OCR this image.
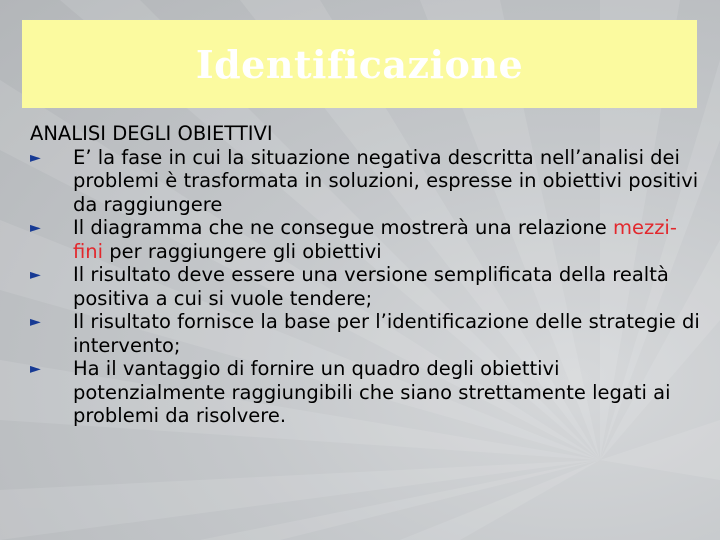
Identificazione

ANALISI DEGLI OBIETTIVI

► E’ la fase in cui la situazione negativa descritta nell’analisi dei problemi è trasformata in soluzioni, espresse in obiettivi positivi da raggiungere
► Il diagramma che ne consegue mostrerà una relazione mezzi-fini per raggiungere gli obiettivi
► Il risultato deve essere una versione semplificata della realtà positiva a cui si vuole tendere;
► Il risultato fornisce la base per l’identificazione delle strategie di intervento;
► Ha il vantaggio di fornire un quadro degli obiettivi potenzialmente raggiungibili che siano strettamente legati ai problemi da risolvere.
